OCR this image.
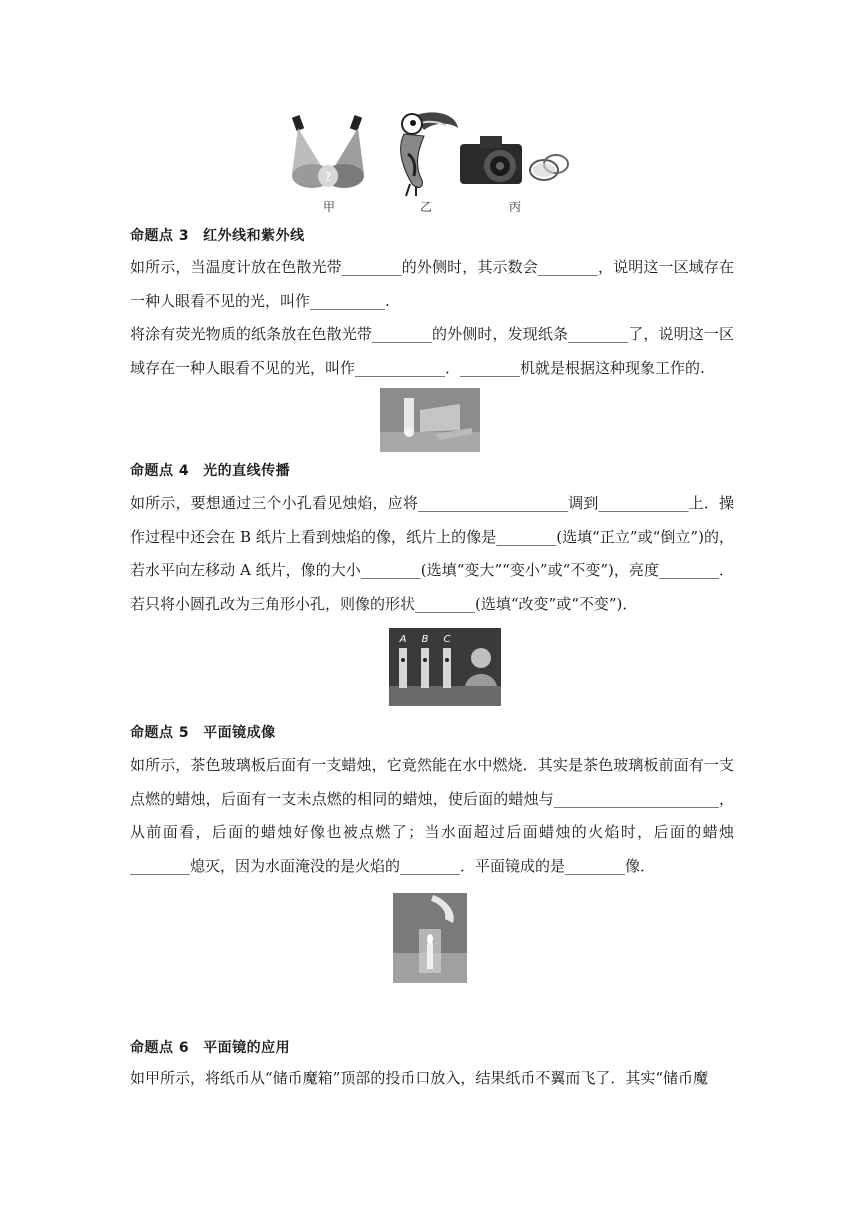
?
甲	乙	丙
命题点 3 红外线和紫外线

如所示，当温度计放在色散光带________的外侧时，其示数会________，说明这一区域存在一种人眼看不见的光，叫作__________.

将涂有荧光物质的纸条放在色散光带________的外侧时，发现纸条________了，说明这一区域存在一种人眼看不见的光，叫作____________．________机就是根据这种现象工作的.

命题点 4 光的直线传播

如所示，要想通过三个小孔看见烛焰，应将____________________调到____________上．操作过程中还会在 B 纸片上看到烛焰的像，纸片上的像是________(选填“正立”或“倒立”)的，若水平向左移动 A 纸片，像的大小________(选填“变大”“变小”或“不变”)，亮度________．若只将小圆孔改为三角形小孔，则像的形状________(选填“改变”或“不变”)．

A B C
命题点 5 平面镜成像

如所示，茶色玻璃板后面有一支蜡烛，它竟然能在水中燃烧．其实是茶色玻璃板前面有一支点燃的蜡烛，后面有一支未点燃的相同的蜡烛，使后面的蜡烛与______________________，从前面看，后面的蜡烛好像也被点燃了；当水面超过后面蜡烛的火焰时，后面的蜡烛________熄灭，因为水面淹没的是火焰的________．平面镜成的是________像．

命题点 6 平面镜的应用

如甲所示，将纸币从“储币魔箱”顶部的投币口放入，结果纸币不翼而飞了．其实“储币魔
